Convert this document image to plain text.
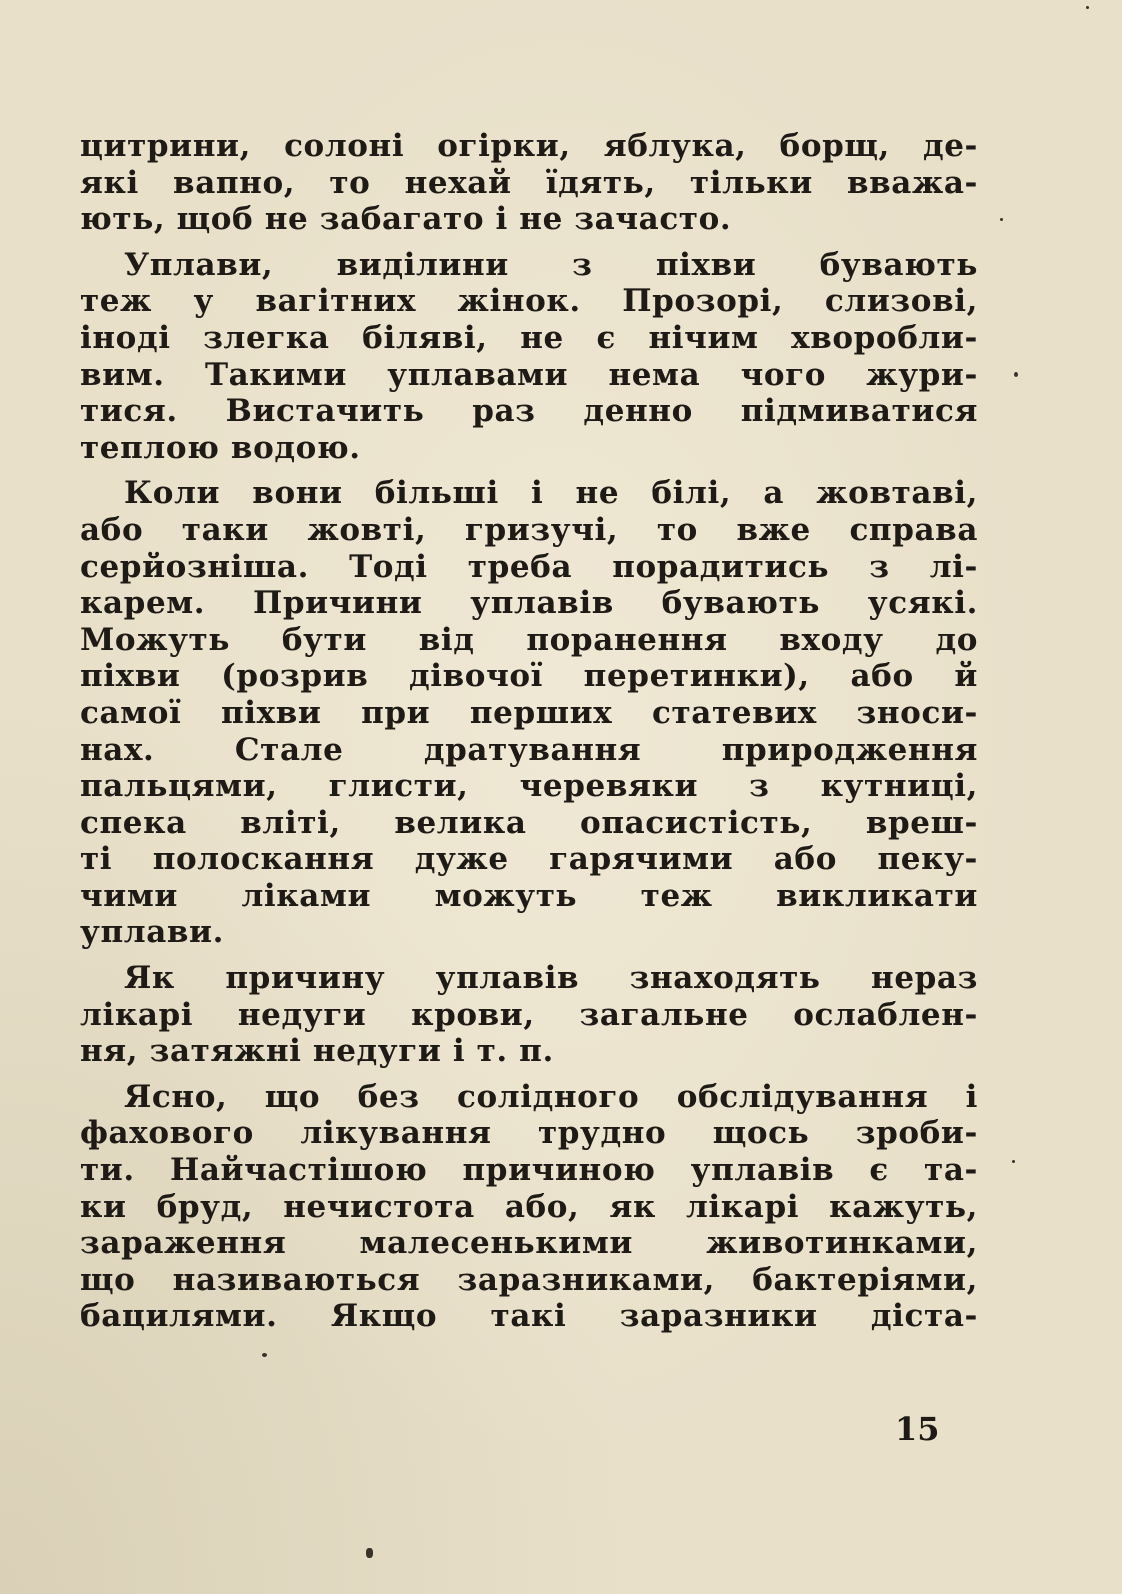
цитрини, солоні огірки, яблука, борщ, де-
які вапно, то нехай їдять, тільки вважа-
ють, щоб не забагато і не зачасто.
Уплави, виділини з піхви бувають
теж у вагітних жінок. Прозорі, слизові,
іноді злегка біляві, не є нічим хворобли-
вим. Такими уплавами нема чого жури-
тися. Вистачить раз денно підмиватися
теплою водою.
Коли вони більші і не білі, а жовтаві,
або таки жовті, гризучі, то вже справа
серйозніша. Тоді треба порадитись з лі-
карем. Причини уплавів бувають усякі.
Можуть бути від поранення входу до
піхви (розрив дівочої перетинки), або й
самої піхви при перших статевих зноси-
нах. Стале дратування природження
пальцями, глисти, черевяки з кутниці,
спека вліті, велика опасистість, вреш-
ті полоскання дуже гарячими або пеку-
чими ліками можуть теж викликати
уплави.
Як причину уплавів знаходять нераз
лікарі недуги крови, загальне ослаблен-
ня, затяжні недуги і т. п.
Ясно, що без солідного обслідування і
фахового лікування трудно щось зроби-
ти. Найчастішою причиною уплавів є та-
ки бруд, нечистота або, як лікарі кажуть,
зараження малесенькими животинками,
що називаються заразниками, бактеріями,
бацилями. Якщо такі заразники діста-
15
